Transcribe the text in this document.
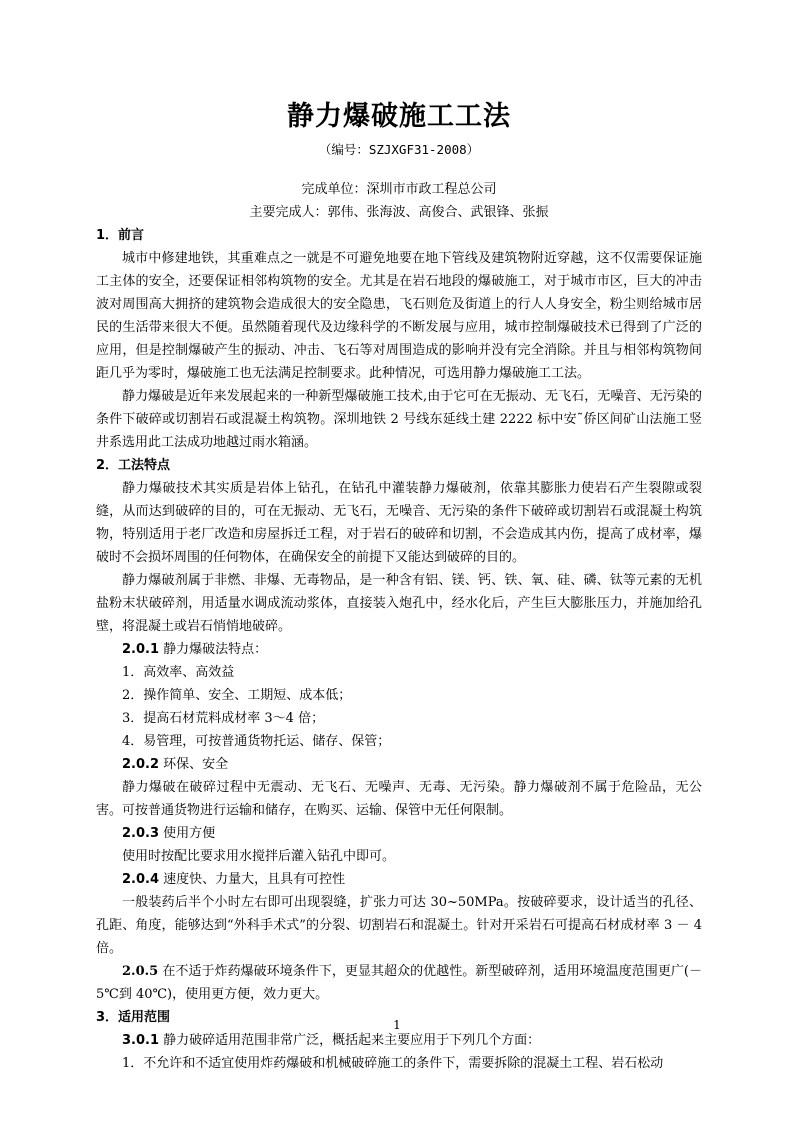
静力爆破施工工法
（编号：SZJXGF31-2008）
完成单位：深圳市市政工程总公司
主要完成人：郭伟、张海波、高俊合、武银锋、张振
1．前言
城市中修建地铁，其重难点之一就是不可避免地要在地下管线及建筑物附近穿越，这不仅需要保证施工主体的安全，还要保证相邻构筑物的安全。尤其是在岩石地段的爆破施工，对于城市市区，巨大的冲击波对周围高大拥挤的建筑物会造成很大的安全隐患，飞石则危及街道上的行人人身安全，粉尘则给城市居民的生活带来很大不便。虽然随着现代及边缘科学的不断发展与应用，城市控制爆破技术已得到了广泛的应用，但是控制爆破产生的振动、冲击、飞石等对周围造成的影响并没有完全消除。并且与相邻构筑物间距几乎为零时，爆破施工也无法满足控制要求。此种情况，可选用静力爆破施工工法。
静力爆破是近年来发展起来的一种新型爆破施工技术,由于它可在无振动、无飞石，无噪音、无污染的条件下破碎或切割岩石或混凝土构筑物。深圳地铁 2 号线东延线土建 2222 标中安˜侨区间矿山法施工竖井系选用此工法成功地越过雨水箱涵。
2．工法特点
静力爆破技术其实质是岩体上钻孔，在钻孔中灌装静力爆破剂，依靠其膨胀力使岩石产生裂隙或裂缝，从而达到破碎的目的，可在无振动、无飞石，无噪音、无污染的条件下破碎或切割岩石或混凝土构筑物，特别适用于老厂改造和房屋拆迁工程，对于岩石的破碎和切割，不会造成其内伤，提高了成材率，爆破时不会损坏周围的任何物体，在确保安全的前提下又能达到破碎的目的。
静力爆破剂属于非燃、非爆、无毒物品，是一种含有铝、镁、钙、铁、氧、硅、磷、钛等元素的无机盐粉末状破碎剂，用适量水调成流动浆体，直接装入炮孔中，经水化后，产生巨大膨胀压力，并施加给孔壁，将混凝土或岩石悄悄地破碎。
2.0.1 静力爆破法特点：
1．高效率、高效益
2．操作简单、安全、工期短、成本低；
3．提高石材荒料成材率 3～4 倍；
4．易管理，可按普通货物托运、储存、保管；
2.0.2 环保、安全
静力爆破在破碎过程中无震动、无飞石、无噪声、无毒、无污染。静力爆破剂不属于危险品，无公害。可按普通货物进行运输和储存，在购买、运输、保管中无任何限制。
2.0.3 使用方便
使用时按配比要求用水搅拌后灌入钻孔中即可。
2.0.4 速度快、力量大，且具有可控性
一般装药后半个小时左右即可出现裂缝，扩张力可达 30~50MPa。按破碎要求，设计适当的孔径、孔距、角度，能够达到“外科手术式”的分裂、切割岩石和混凝土。针对开采岩石可提高石材成材率 3 － 4 倍。
2.0.5 在不适于炸药爆破环境条件下，更显其超众的优越性。新型破碎剂，适用环境温度范围更广(－5℃到 40℃)，使用更方便，效力更大。
3．适用范围
3.0.1 静力破碎适用范围非常广泛，概括起来主要应用于下列几个方面：
1．不允许和不适宜使用炸药爆破和机械破碎施工的条件下，需要拆除的混凝土工程、岩石松动
1
